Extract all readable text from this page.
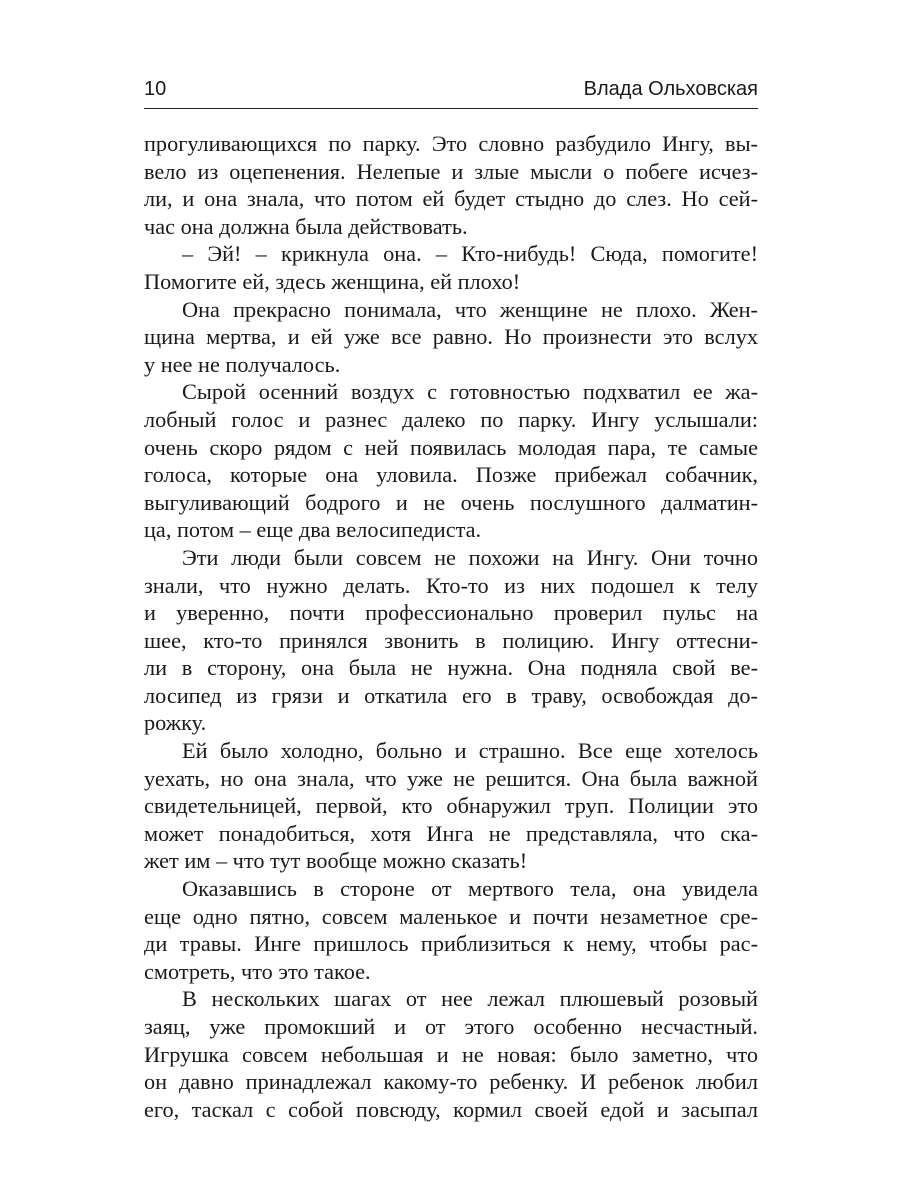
10	Влада Ольховская
прогуливающихся по парку. Это словно разбудило Ингу, вы-
вело из оцепенения. Нелепые и злые мысли о побеге исчез-
ли, и она знала, что потом ей будет стыдно до слез. Но сей-
час она должна была действовать.
– Эй! – крикнула она. – Кто-нибудь! Сюда, помогите!
Помогите ей, здесь женщина, ей плохо!
Она прекрасно понимала, что женщине не плохо. Жен-
щина мертва, и ей уже все равно. Но произнести это вслух
у нее не получалось.
Сырой осенний воздух с готовностью подхватил ее жа-
лобный голос и разнес далеко по парку. Ингу услышали:
очень скоро рядом с ней появилась молодая пара, те самые
голоса, которые она уловила. Позже прибежал собачник,
выгуливающий бодрого и не очень послушного далматин-
ца, потом – еще два велосипедиста.
Эти люди были совсем не похожи на Ингу. Они точно
знали, что нужно делать. Кто-то из них подошел к телу
и уверенно, почти профессионально проверил пульс на
шее, кто-то принялся звонить в полицию. Ингу оттесни-
ли в сторону, она была не нужна. Она подняла свой ве-
лосипед из грязи и откатила его в траву, освобождая до-
рожку.
Ей было холодно, больно и страшно. Все еще хотелось
уехать, но она знала, что уже не решится. Она была важной
свидетельницей, первой, кто обнаружил труп. Полиции это
может понадобиться, хотя Инга не представляла, что ска-
жет им – что тут вообще можно сказать!
Оказавшись в стороне от мертвого тела, она увидела
еще одно пятно, совсем маленькое и почти незаметное сре-
ди травы. Инге пришлось приблизиться к нему, чтобы рас-
смотреть, что это такое.
В нескольких шагах от нее лежал плюшевый розовый
заяц, уже промокший и от этого особенно несчастный.
Игрушка совсем небольшая и не новая: было заметно, что
он давно принадлежал какому-то ребенку. И ребенок любил
его, таскал с собой повсюду, кормил своей едой и засыпал
